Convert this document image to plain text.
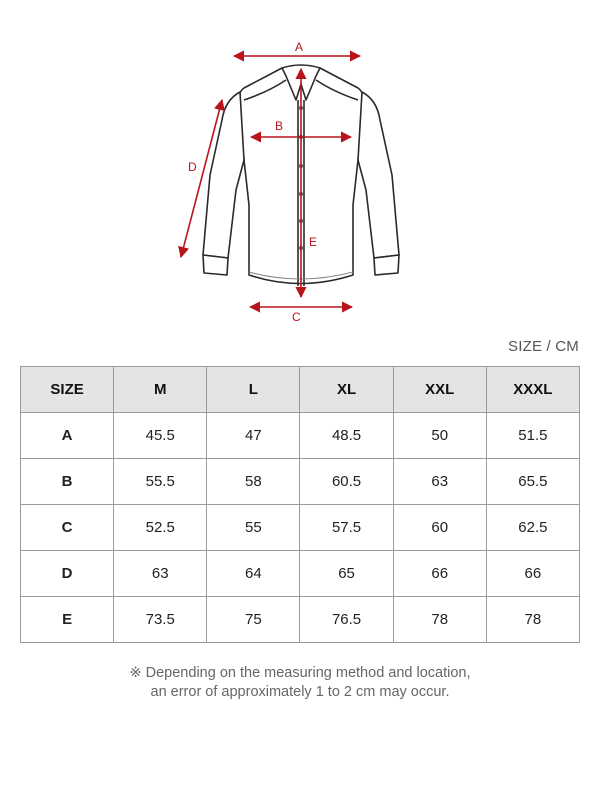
A
B
C
D
E
SIZE / CM
SIZE	M	L	XL	XXL	XXXL
A	45.5	47	48.5	50	51.5
B	55.5	58	60.5	63	65.5
C	52.5	55	57.5	60	62.5
D	63	64	65	66	66
E	73.5	75	76.5	78	78
※ Depending on the measuring method and location,
an error of approximately 1 to 2 cm may occur.
